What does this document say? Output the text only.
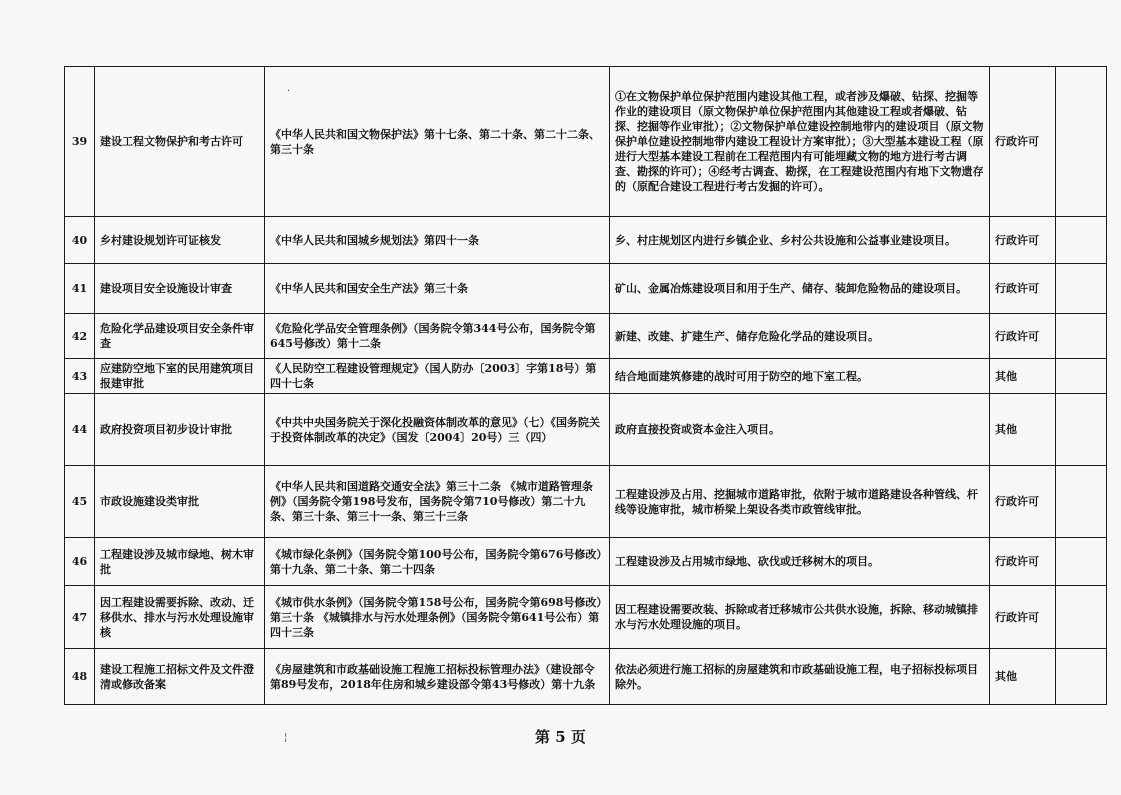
39	建设工程文物保护和考古许可	《中华人民共和国文物保护法》第十七条、第二十条、第二十二条、第三十条	①在文物保护单位保护范围内建设其他工程，或者涉及爆破、钻探、挖掘等作业的建设项目（原文物保护单位保护范围内其他建设工程或者爆破、钻探、挖掘等作业审批）；②文物保护单位建设控制地带内的建设项目（原文物保护单位建设控制地带内建设工程设计方案审批）；③大型基本建设工程（原进行大型基本建设工程前在工程范围内有可能埋藏文物的地方进行考古调查、勘探的许可）；④经考古调查、勘探，在工程建设范围内有地下文物遗存的（原配合建设工程进行考古发掘的许可）。	行政许可	
40	乡村建设规划许可证核发	《中华人民共和国城乡规划法》第四十一条	乡、村庄规划区内进行乡镇企业、乡村公共设施和公益事业建设项目。	行政许可	
41	建设项目安全设施设计审查	《中华人民共和国安全生产法》第三十条	矿山、金属冶炼建设项目和用于生产、储存、装卸危险物品的建设项目。	行政许可	
42	危险化学品建设项目安全条件审查	《危险化学品安全管理条例》（国务院令第344号公布，国务院令第645号修改）第十二条	新建、改建、扩建生产、储存危险化学品的建设项目。	行政许可	
43	应建防空地下室的民用建筑项目报建审批	《人民防空工程建设管理规定》（国人防办〔2003〕字第18号）第四十七条	结合地面建筑修建的战时可用于防空的地下室工程。	其他	
44	政府投资项目初步设计审批	《中共中央国务院关于深化投融资体制改革的意见》（七）《国务院关于投资体制改革的决定》（国发〔2004〕20号）三（四）	政府直接投资或资本金注入项目。	其他	
45	市政设施建设类审批	《中华人民共和国道路交通安全法》第三十二条 《城市道路管理条例》（国务院令第198号发布，国务院令第710号修改）第二十九条、第三十条、第三十一条、第三十三条	工程建设涉及占用、挖掘城市道路审批，依附于城市道路建设各种管线、杆线等设施审批，城市桥梁上架设各类市政管线审批。	行政许可	
46	工程建设涉及城市绿地、树木审批	《城市绿化条例》（国务院令第100号公布，国务院令第676号修改）第十九条、第二十条、第二十四条	工程建设涉及占用城市绿地、砍伐或迁移树木的项目。	行政许可	
47	因工程建设需要拆除、改动、迁移供水、排水与污水处理设施审核	《城市供水条例》（国务院令第158号公布，国务院令第698号修改）第三十条 《城镇排水与污水处理条例》（国务院令第641号公布）第四十三条	因工程建设需要改装、拆除或者迁移城市公共供水设施，拆除、移动城镇排水与污水处理设施的项目。	行政许可	
48	建设工程施工招标文件及文件澄清或修改备案	《房屋建筑和市政基础设施工程施工招标投标管理办法》（建设部令第89号发布，2018年住房和城乡建设部令第43号修改）第十九条	依法必须进行施工招标的房屋建筑和市政基础设施工程，电子招标投标项目除外。	其他	
·
¦	第 5 页
